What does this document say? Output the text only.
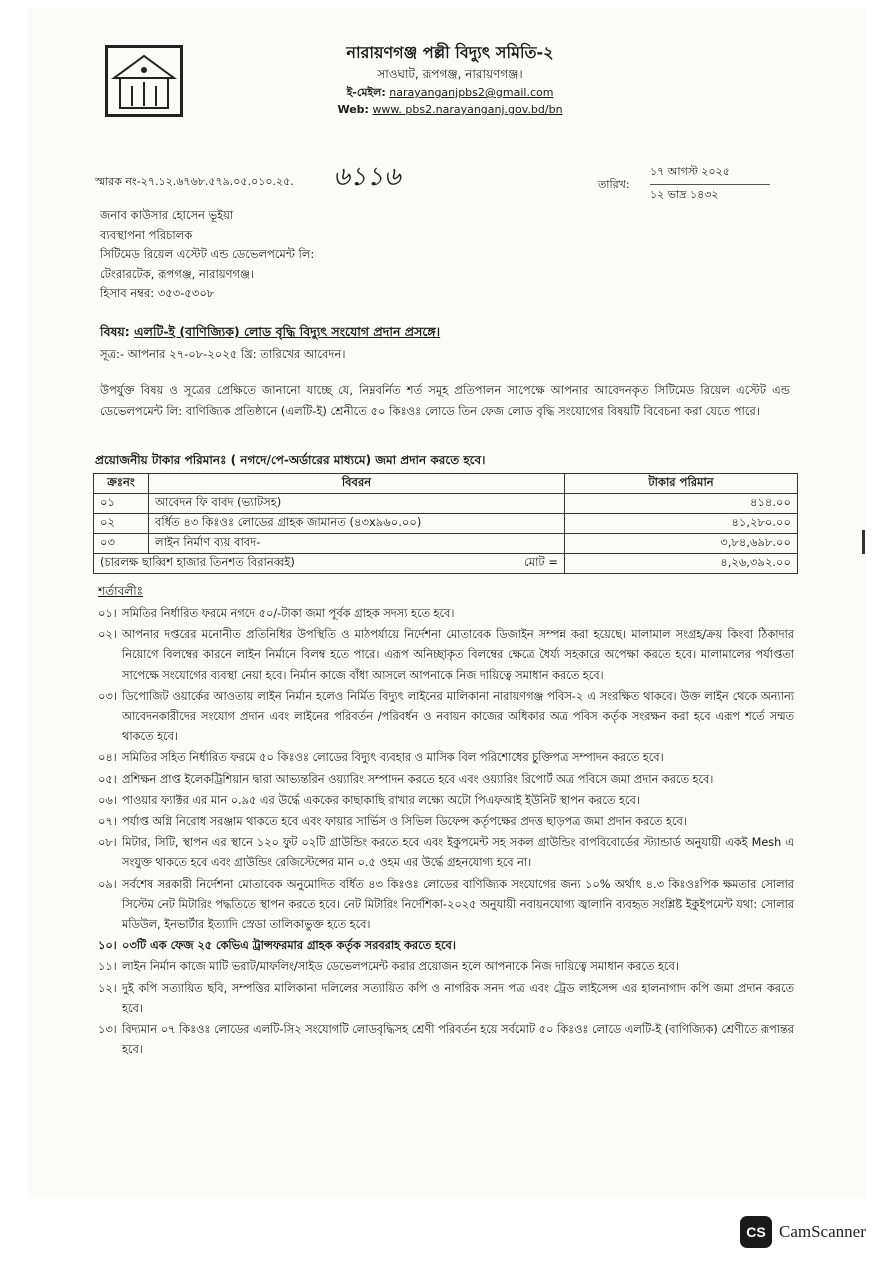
নারায়ণগঞ্জ পল্লী বিদ্যুৎ সমিতি-২
সাওঘাট, রূপগঞ্জ, নারায়ণগঞ্জ।
ই-মেইল: narayanganjpbs2@gmail.com
Web: www. pbs2.narayanganj.gov.bd/bn
স্মারক নং-২৭.১২.৬৭৬৮.৫৭৯.০৫.০১০.২৫. ৬১১৬	তারিখ:
১৭ আগস্ট ২০২৫
১২ ভাদ্র ১৪৩২
জনাব কাউসার হোসেন ভূইয়া
ব্যবস্থাপনা পরিচালক
সিটিমেড রিয়েল এস্টেট এন্ড ডেভেলপমেন্ট লি:
টেংরারটেক, রূপগঞ্জ, নারায়ণগঞ্জ।
হিসাব নম্বর: ৩৫৩-৫৩০৮
বিষয়: এলটি-ই (বাণিজ্যিক) লোড বৃদ্ধি বিদ্যুৎ সংযোগ প্রদান প্রসঙ্গে।
সূত্র:- আপনার ২৭-০৮-২০২৫ খ্রি: তারিখের আবেদন।
উপর্যুক্ত বিষয় ও সূত্রের প্রেক্ষিতে জানানো যাচ্ছে যে, নিম্নবর্নিত শর্ত সমূহ প্রতিপালন সাপেক্ষে আপনার আবেদনকৃত সিটিমেড রিয়েল এস্টেট এন্ড ডেভেলপমেন্ট লি: বাণিজ্যিক প্রতিষ্ঠানে (এলটি-ই) শ্রেনীতে ৫০ কিঃওঃ লোডে তিন ফেজ লোড বৃদ্ধি সংযোগের বিষয়টি বিবেচনা করা যেতে পারে।
প্রয়োজনীয় টাকার পরিমানঃ ( নগদে/পে-অর্ডারের মাধ্যমে) জমা প্রদান করতে হবে।
ক্রঃনং	বিবরন	টাকার পরিমান
০১	আবেদন ফি বাবদ (ভ্যাটসহ)	৪১৪.০০
০২	বর্ধিত ৪৩ কিঃওঃ লোডের গ্রাহক জামানত (৪৩x৯৬০.০০)	৪১,২৮০.০০
০৩	লাইন নির্মাণ ব্যয় বাবদ-	৩,৮৪,৬৯৮.০০
(চারলক্ষ ছাব্বিশ হাজার তিনশত বিরানব্বই) মোট =		৪,২৬,৩৯২.০০
শর্তাবলীঃ
০১। সমিতির নির্ধারিত ফরমে নগদে ৫০/-টাকা জমা পূর্বক গ্রাহক সদস্য হতে হবে।
০২। আপনার দপ্তরের মনোনীত প্রতিনিধির উপস্থিতি ও মাঠপর্যায়ে নির্দেশনা মোতাবেক ডিজাইন সম্পন্ন করা হয়েছে। মালামাল সংগ্রহ/ক্রয় কিংবা ঠিকাদার নিয়োগে বিলম্বের কারনে লাইন নির্মানে বিলম্ব হতে পারে। এরূপ অনিচ্ছাকৃত বিলম্বের ক্ষেত্রে ধৈর্য্য সহকারে অপেক্ষা করতে হবে। মালামালের পর্যাপ্ততা সাপেক্ষে সংযোগের ব্যবস্থা নেয়া হবে। নির্মান কাজে বাঁধা আসলে আপনাকে নিজ দায়িত্বে সমাধান করতে হবে।
০৩। ডিপোজিট ওয়ার্কের আওতায় লাইন নির্মান হলেও নির্মিত বিদ্যুৎ লাইনের মালিকানা নারায়ণগঞ্জ পবিস-২ এ সংরক্ষিত থাকবে। উক্ত লাইন থেকে অন্যান্য আবেদনকারীদের সংযোগ প্রদান এবং লাইনের পরিবর্তন /পরিবর্ধন ও নবায়ন কাজের অধিকার অত্র পবিস কর্তৃক সংরক্ষন করা হবে এরূপ শর্তে সম্মত থাকতে হবে।
০৪। সমিতির সহিত নির্ধারিত ফরমে ৫০ কিঃওঃ লোডের বিদ্যুৎ ব্যবহার ও মাসিক বিল পরিশোধের চুক্তিপত্র সম্পাদন করতে হবে।
০৫। প্রশিক্ষন প্রাপ্ত ইলেকট্রিশিয়ান দ্বারা আভ্যন্তরিন ওয়্যারিং সম্পাদন করতে হবে এবং ওয়্যারিং রিপোর্ট অত্র পবিসে জমা প্রদান করতে হবে।
০৬। পাওয়ার ফ্যাক্টর এর মান ০.৯৫ এর উর্দ্ধে এককের কাছাকাছি রাখার লক্ষ্যে অটো পিএফআই ইউনিট স্থাপন করতে হবে।
০৭। পর্যাপ্ত অগ্নি নিরোধ সরঞ্জাম থাকতে হবে এবং ফায়ার সার্ভিস ও সিভিল ডিফেন্স কর্তৃপক্ষের প্রদত্ত ছাড়পত্র জমা প্রদান করতে হবে।
০৮। মিটার, সিটি, স্থাপন এর স্থানে ১২০ ফুট ০২টি গ্রাউন্ডিং করতে হবে এবং ইকুপমেন্ট সহ সকল গ্রাউন্ডিং বাপবিবোর্ডের স্ট্যান্ডার্ড অনুযায়ী একই Mesh এ সংযুক্ত থাকতে হবে এবং গ্রাউন্ডিং রেজিস্টেন্সের মান ০.৫ ওহম এর উর্দ্ধে গ্রহনযোগ্য হবে না।
০৯। সর্বশেষ সরকারী নির্দেশনা মোতাবেক অনুমোদিত বর্ধিত ৪৩ কিঃওঃ লোডের বাণিজ্যিক সংযোগের জন্য ১০% অর্থাৎ ৪.৩ কিঃওঃপিক ক্ষমতার সোলার সিস্টেম নেট মিটারিং পদ্ধতিতে স্থাপন করতে হবে। নেট মিটারিং নির্দেশিকা-২০২৫ অনুযায়ী নবায়নযোগ্য জ্বালানি ব্যবহৃত সংশ্লিষ্ট ইকুইপমেন্ট যথা: সোলার মডিউল, ইনভার্টার ইত্যাদি স্রেডা তালিকাভুক্ত হতে হবে।
১০। ০৩টি এক ফেজ ২৫ কেভিএ ট্রান্সফরমার গ্রাহক কর্তৃক সরবরাহ করতে হবে।
১১। লাইন নির্মান কাজে মাটি ভরাট/মাফলিং/সাইড ডেভেলপমেন্ট করার প্রয়োজন হলে আপনাকে নিজ দায়িত্বে সমাধান করতে হবে।
১২। দুই কপি সত্যায়িত ছবি, সম্পত্তির মালিকানা দলিলের সত্যায়িত কপি ও নাগরিক সনদ পত্র এবং ট্রেড লাইসেন্স এর হালনাগাদ কপি জমা প্রদান করতে হবে।
১৩। বিদ্যমান ০৭ কিঃওঃ লোডের এলটি-সি২ সংযোগটি লোডবৃদ্ধিসহ শ্রেণী পরিবর্তন হয়ে সর্বমোট ৫০ কিঃওঃ লোডে এলটি-ই (বাণিজ্যিক) শ্রেণীতে রূপান্তর হবে।
CS CamScanner
